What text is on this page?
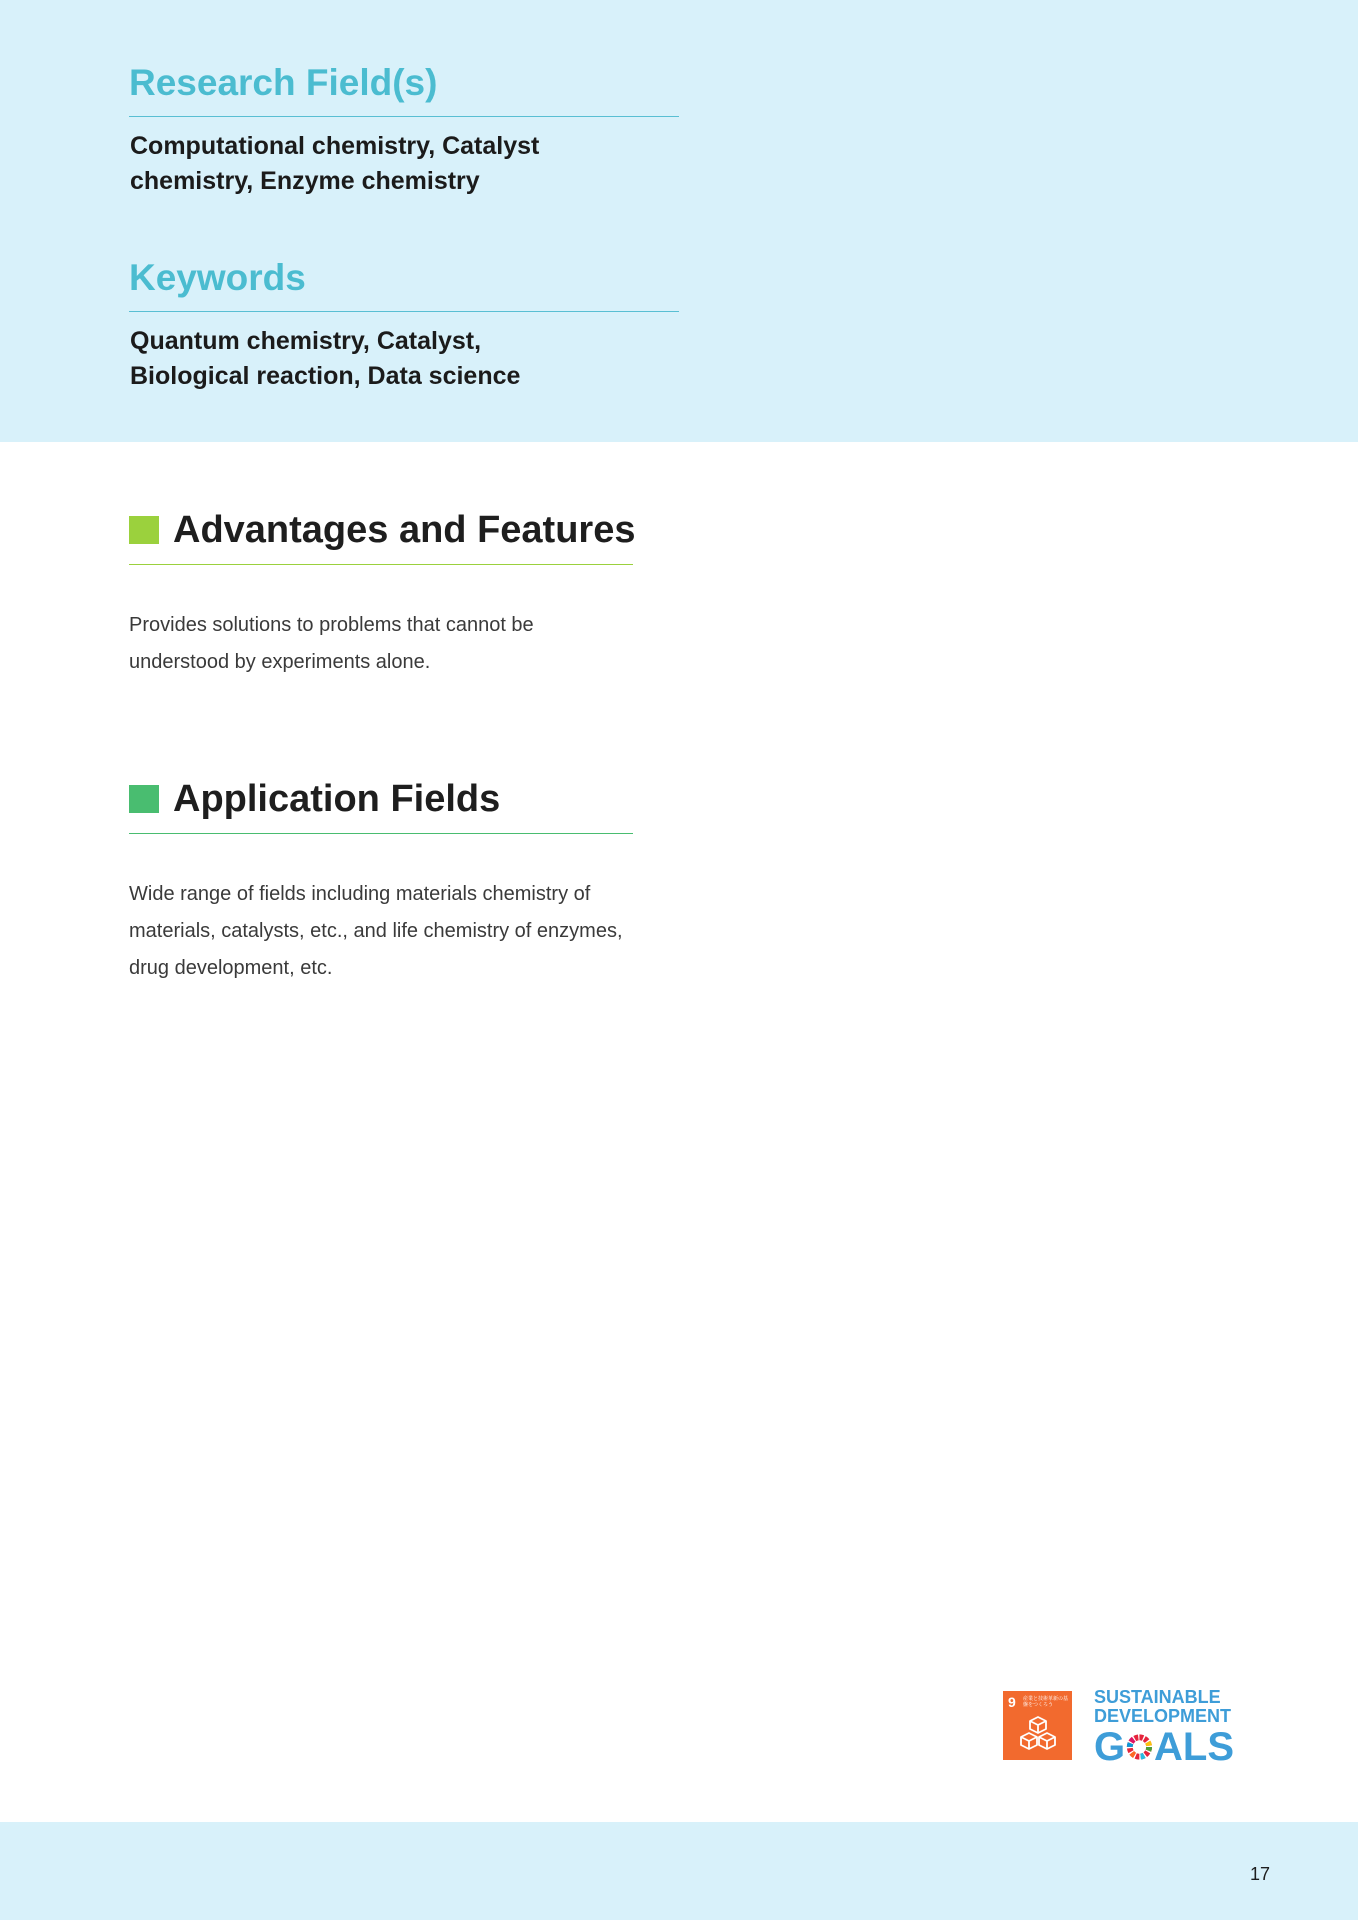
Research Field(s)

Computational chemistry, Catalyst
chemistry, Enzyme chemistry

Keywords

Quantum chemistry, Catalyst,
Biological reaction, Data science

Advantages and Features

Provides solutions to problems that cannot be
understood by experiments alone.

Application Fields

Wide range of fields including materials chemistry of
materials, catalysts, etc., and life chemistry of enzymes,
drug development, etc.

9 産業と技術革新の基盤をつくろう	SUSTAINABLE
DEVELOPMENT
G ALS
17
